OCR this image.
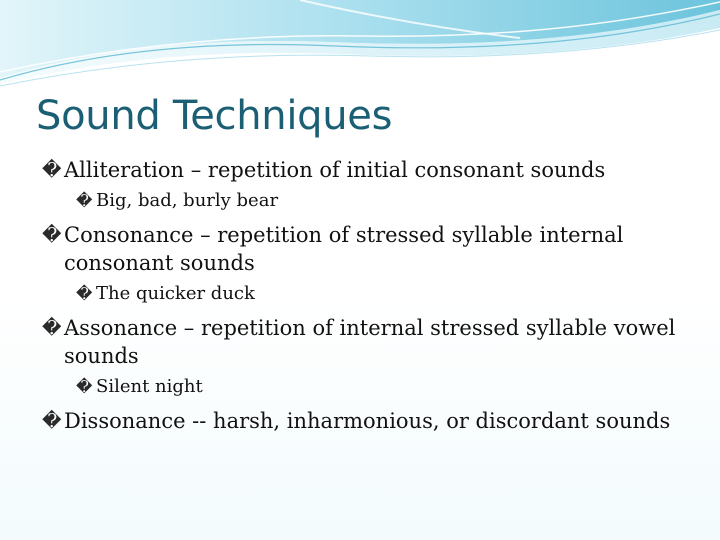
Sound Techniques
� Alliteration – repetition of initial consonant sounds
� Big, bad, burly bear
� Consonance – repetition of stressed syllable internal consonant sounds
� The quicker duck
� Assonance – repetition of internal stressed syllable vowel sounds
� Silent night
� Dissonance -- harsh, inharmonious, or discordant sounds
